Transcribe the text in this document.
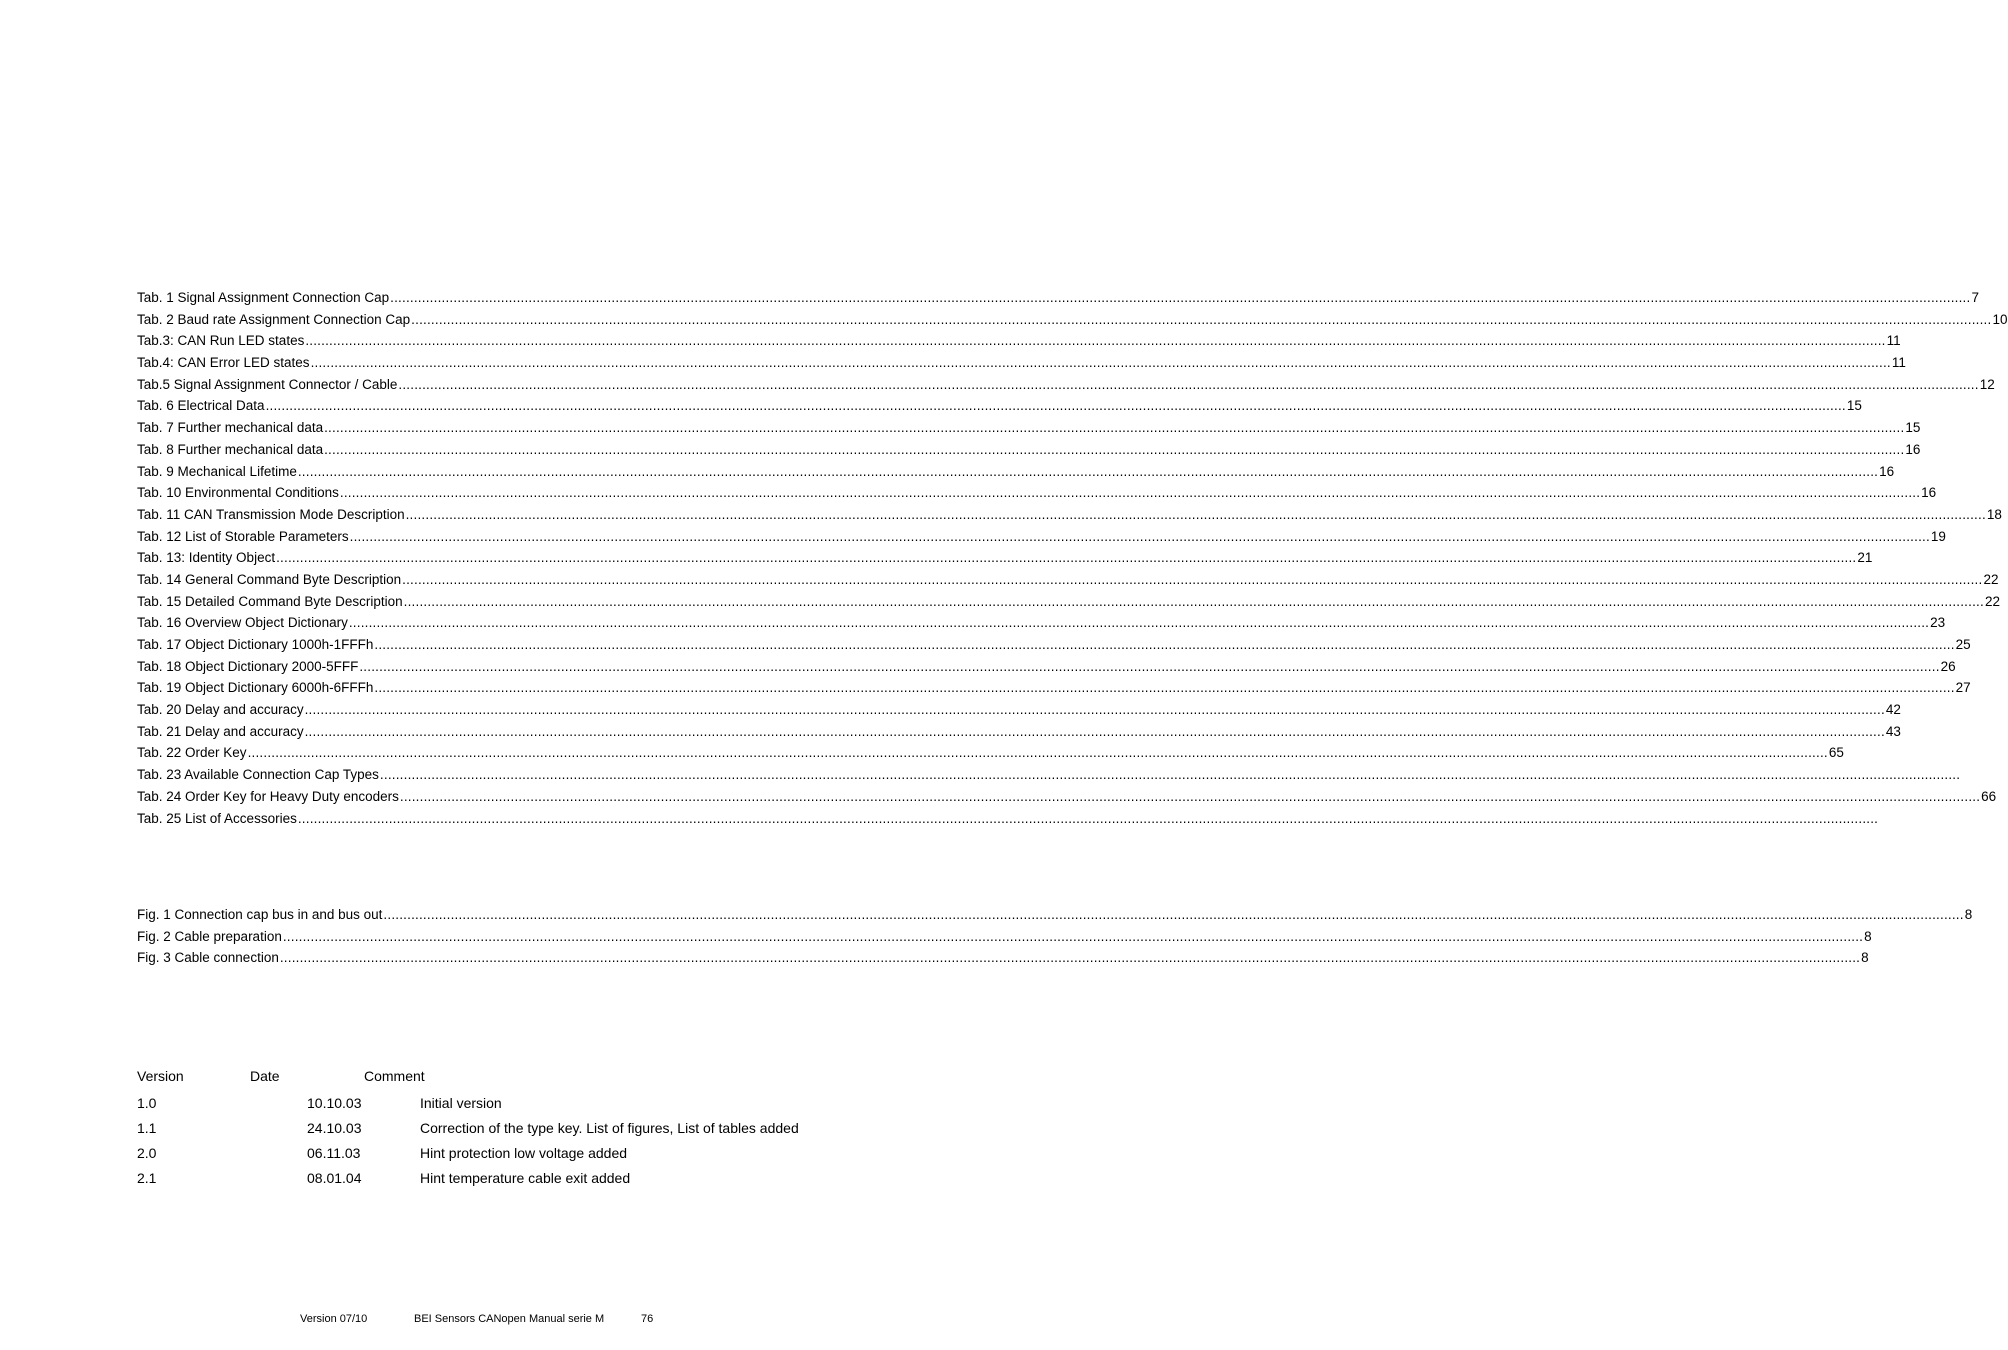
Tab. 1 Signal Assignment Connection Cap ................................................................................................................................................................................................................................................................................................................................................................................................................ 7
Tab. 2 Baud rate Assignment Connection Cap ................................................................................................................................................................................................................................................................................................................................................................................................................ 10
Tab.3: CAN Run LED states ................................................................................................................................................................................................................................................................................................................................................................................................................ 11
Tab.4: CAN Error LED states ................................................................................................................................................................................................................................................................................................................................................................................................................ 11
Tab.5 Signal Assignment Connector / Cable ................................................................................................................................................................................................................................................................................................................................................................................................................ 12
Tab. 6 Electrical Data ................................................................................................................................................................................................................................................................................................................................................................................................................ 15
Tab. 7 Further mechanical data ................................................................................................................................................................................................................................................................................................................................................................................................................ 15
Tab. 8 Further mechanical data ................................................................................................................................................................................................................................................................................................................................................................................................................ 16
Tab. 9 Mechanical Lifetime ................................................................................................................................................................................................................................................................................................................................................................................................................ 16
Tab. 10 Environmental Conditions ................................................................................................................................................................................................................................................................................................................................................................................................................ 16
Tab. 11 CAN Transmission Mode Description ................................................................................................................................................................................................................................................................................................................................................................................................................ 18
Tab. 12 List of Storable Parameters ................................................................................................................................................................................................................................................................................................................................................................................................................ 19
Tab. 13: Identity Object ................................................................................................................................................................................................................................................................................................................................................................................................................ 21
Tab. 14 General Command Byte Description ................................................................................................................................................................................................................................................................................................................................................................................................................ 22
Tab. 15 Detailed Command Byte Description ................................................................................................................................................................................................................................................................................................................................................................................................................ 22
Tab. 16 Overview Object Dictionary ................................................................................................................................................................................................................................................................................................................................................................................................................ 23
Tab. 17 Object Dictionary 1000h-1FFFh ................................................................................................................................................................................................................................................................................................................................................................................................................ 25
Tab. 18 Object Dictionary 2000-5FFF ................................................................................................................................................................................................................................................................................................................................................................................................................ 26
Tab. 19 Object Dictionary 6000h-6FFFh ................................................................................................................................................................................................................................................................................................................................................................................................................ 27
Tab. 20 Delay and accuracy ................................................................................................................................................................................................................................................................................................................................................................................................................ 42
Tab. 21 Delay and accuracy ................................................................................................................................................................................................................................................................................................................................................................................................................ 43
Tab. 22 Order Key ................................................................................................................................................................................................................................................................................................................................................................................................................ 65
Tab. 23 Available Connection Cap Types ................................................................................................................................................................................................................................................................................................................................................................................................................
Tab. 24 Order Key for Heavy Duty encoders ................................................................................................................................................................................................................................................................................................................................................................................................................ 66
Tab. 25 List of Accessories ................................................................................................................................................................................................................................................................................................................................................................................................................
Fig. 1 Connection cap bus in and bus out ................................................................................................................................................................................................................................................................................................................................................................................................................ 8
Fig. 2 Cable preparation ................................................................................................................................................................................................................................................................................................................................................................................................................ 8
Fig. 3 Cable connection ................................................................................................................................................................................................................................................................................................................................................................................................................ 8
Version	Date	Comment
1.0	10.10.03	Initial version
1.1	24.10.03	Correction of the type key. List of figures, List of tables added
2.0	06.11.03	Hint protection low voltage added
2.1	08.01.04	Hint temperature cable exit added
Version 07/10	BEI Sensors CANopen Manual serie M	76
